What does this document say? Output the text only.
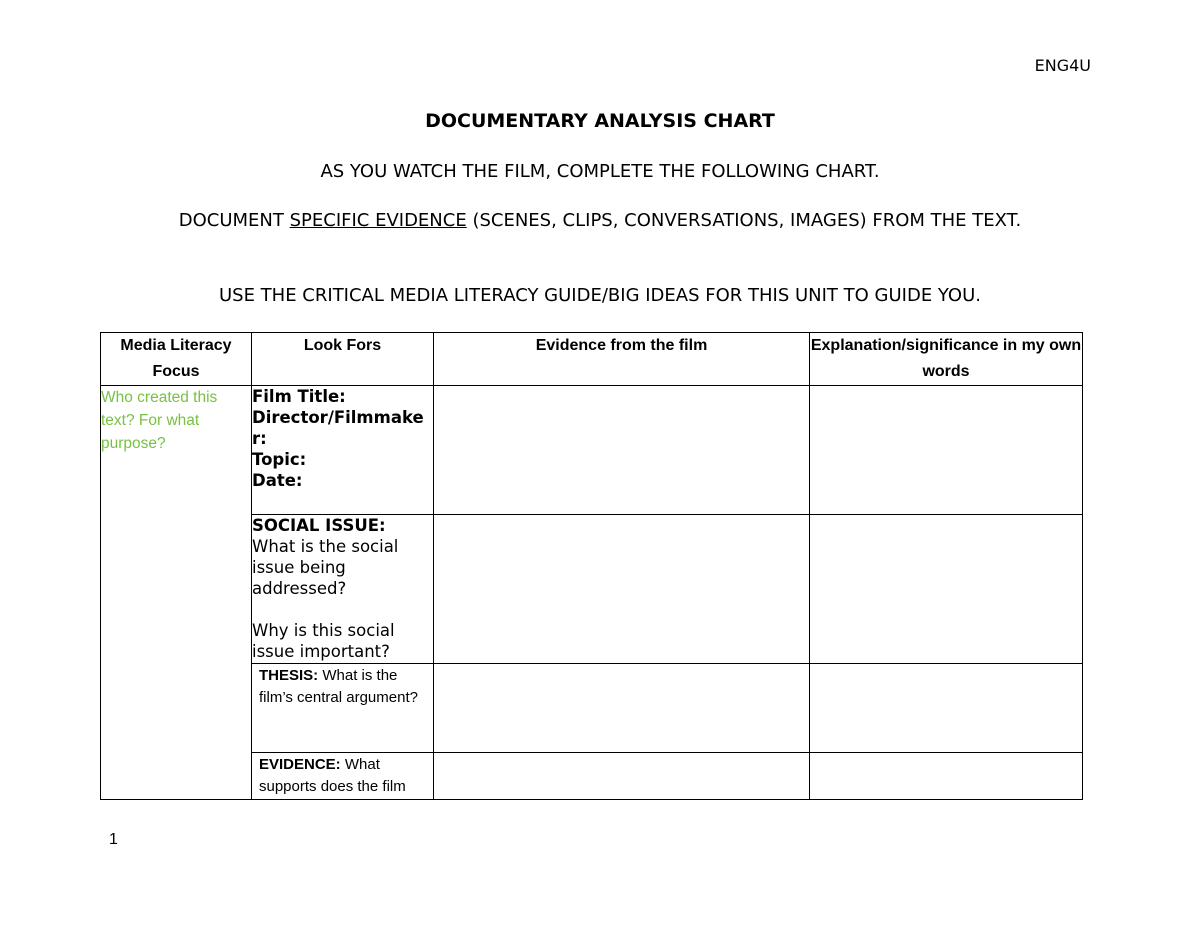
ENG4U
DOCUMENTARY ANALYSIS CHART
AS YOU WATCH THE FILM, COMPLETE THE FOLLOWING CHART.
DOCUMENT SPECIFIC EVIDENCE (SCENES, CLIPS, CONVERSATIONS, IMAGES) FROM THE TEXT.
USE THE CRITICAL MEDIA LITERACY GUIDE/BIG IDEAS FOR THIS UNIT TO GUIDE YOU.
Media Literacy Focus	Look Fors	Evidence from the film	Explanation/significance in my own words
Who created this text? For what purpose?	Film Title:
Director/Filmmaker:
Topic:
Date:		

	SOCIAL ISSUE:
What is the social issue being addressed?
Why is this social issue important?		

	THESIS: What is the film’s central argument?		
	EVIDENCE: What supports does the film		
1
